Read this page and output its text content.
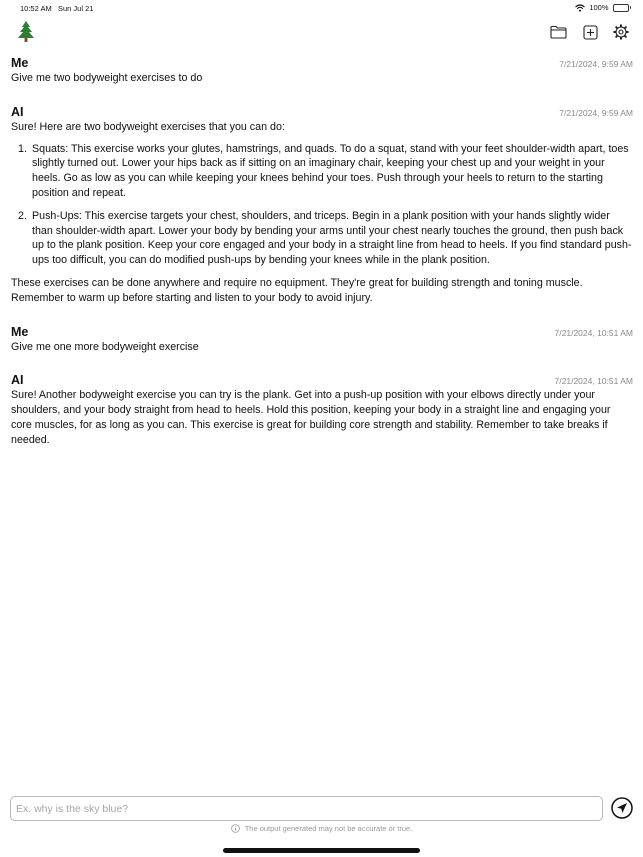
10:52 AM Sun Jul 21	100%
Me	7/21/2024, 9:59 AM
Give me two bodyweight exercises to do
AI	7/21/2024, 9:59 AM

Sure! Here are two bodyweight exercises that you can do:

1. Squats: This exercise works your glutes, hamstrings, and quads. To do a squat, stand with your feet shoulder-width apart, toes slightly turned out. Lower your hips back as if sitting on an imaginary chair, keeping your chest up and your weight in your heels. Go as low as you can while keeping your knees behind your toes. Push through your heels to return to the starting position and repeat.
2. Push-Ups: This exercise targets your chest, shoulders, and triceps. Begin in a plank position with your hands slightly wider than shoulder-width apart. Lower your body by bending your arms until your chest nearly touches the ground, then push back up to the plank position. Keep your core engaged and your body in a straight line from head to heels. If you find standard push-ups too difficult, you can do modified push-ups by bending your knees while in the plank position.

These exercises can be done anywhere and require no equipment. They're great for building strength and toning muscle. Remember to warm up before starting and listen to your body to avoid injury.

Me	7/21/2024, 10:51 AM
Give me one more bodyweight exercise
AI	7/21/2024, 10:51 AM
Sure! Another bodyweight exercise you can try is the plank. Get into a push-up position with your elbows directly under your shoulders, and your body straight from head to heels. Hold this position, keeping your body in a straight line and engaging your core muscles, for as long as you can. This exercise is great for building core strength and stability. Remember to take breaks if needed.
Ex. why is the sky blue?
The output generated may not be accurate or true.
